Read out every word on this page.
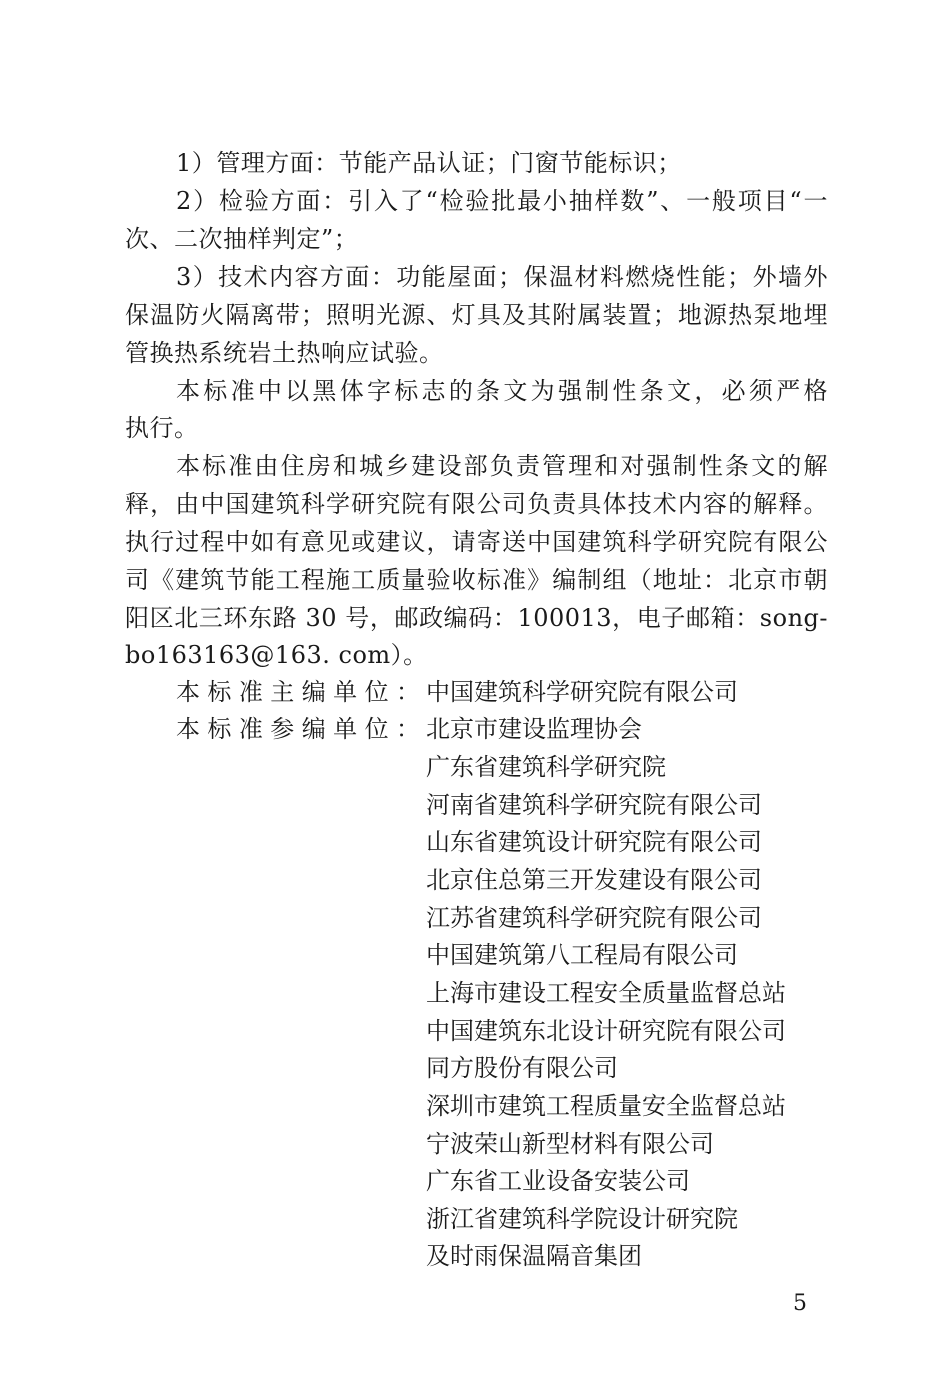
1）管理方面：节能产品认证；门窗节能标识；
2）检验方面：引入了“检验批最小抽样数”、一般项目“一
次、二次抽样判定”；
3）技术内容方面：功能屋面；保温材料燃烧性能；外墙外
保温防火隔离带；照明光源、灯具及其附属装置；地源热泵地埋
管换热系统岩土热响应试验。
本标准中以黑体字标志的条文为强制性条文，必须严格
执行。
本标准由住房和城乡建设部负责管理和对强制性条文的解
释，由中国建筑科学研究院有限公司负责具体技术内容的解释。
执行过程中如有意见或建议，请寄送中国建筑科学研究院有限公
司《建筑节能工程施工质量验收标准》编制组（地址：北京市朝
阳区北三环东路 30 号，邮政编码：100013，电子邮箱：song-
bo163163@163. com）。
本标准主编单位： 中国建筑科学研究院有限公司
本标准参编单位： 北京市建设监理协会
广东省建筑科学研究院
河南省建筑科学研究院有限公司
山东省建筑设计研究院有限公司
北京住总第三开发建设有限公司
江苏省建筑科学研究院有限公司
中国建筑第八工程局有限公司
上海市建设工程安全质量监督总站
中国建筑东北设计研究院有限公司
同方股份有限公司
深圳市建筑工程质量安全监督总站
宁波荣山新型材料有限公司
广东省工业设备安装公司
浙江省建筑科学院设计研究院
及时雨保温隔音集团
5
